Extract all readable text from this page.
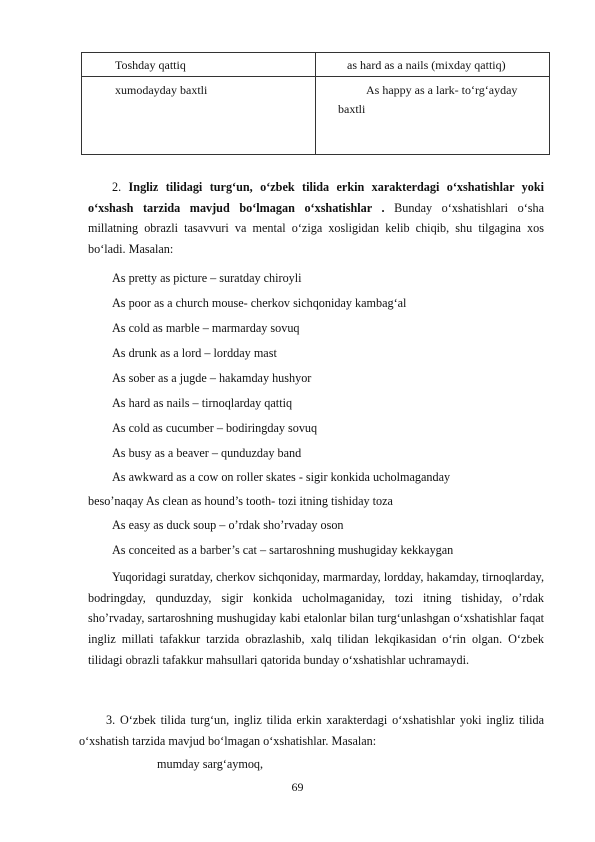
Toshday qattiq	as hard as a nails (mixday qattiq)

xumodayday baxtli	As happy as a lark- to‘rg‘ayday
baxtli
2. Ingliz tilidagi turg‘un, o‘zbek tilida erkin xarakterdagi o‘xshatishlar yoki o‘xshash tarzida mavjud bo‘lmagan o‘xshatishlar . Bunday o‘xshatishlari o‘sha millatning obrazli tasavvuri va mental o‘ziga xosligidan kelib chiqib, shu tilgagina xos bo‘ladi. Masalan:
As pretty as picture – suratday chiroyli
As poor as a church mouse- cherkov sichqoniday kambag‘al
As cold as marble – marmarday sovuq
As drunk as a lord – lordday mast
As sober as a jugde – hakamday hushyor
As hard as nails – tirnoqlarday qattiq
As cold as cucumber – bodiringday sovuq
As busy as a beaver – qunduzday band
As awkward as a cow on roller skates - sigir konkida ucholmaganday
beso’naqay As clean as hound’s tooth- tozi itning tishiday toza
As easy as duck soup – o’rdak sho’rvaday oson
As conceited as a barber’s cat – sartaroshning mushugiday kekkaygan
Yuqoridagi suratday, cherkov sichqoniday, marmarday, lordday, hakamday, tirnoqlarday, bodringday, qunduzday, sigir konkida ucholmaganiday, tozi itning tishiday, o’rdak sho’rvaday, sartaroshning mushugiday kabi etalonlar bilan turg‘unlashgan o‘xshatishlar faqat ingliz millati tafakkur tarzida obrazlashib, xalq tilidan lekqikasidan o‘rin olgan. O‘zbek tilidagi obrazli tafakkur mahsullari qatorida bunday o‘xshatishlar uchramaydi.
3. O‘zbek tilida turg‘un, ingliz tilida erkin xarakterdagi o‘xshatishlar yoki ingliz tilida o‘xshatish tarzida mavjud bo‘lmagan o‘xshatishlar. Masalan:
mumday sarg‘aymoq,
69
